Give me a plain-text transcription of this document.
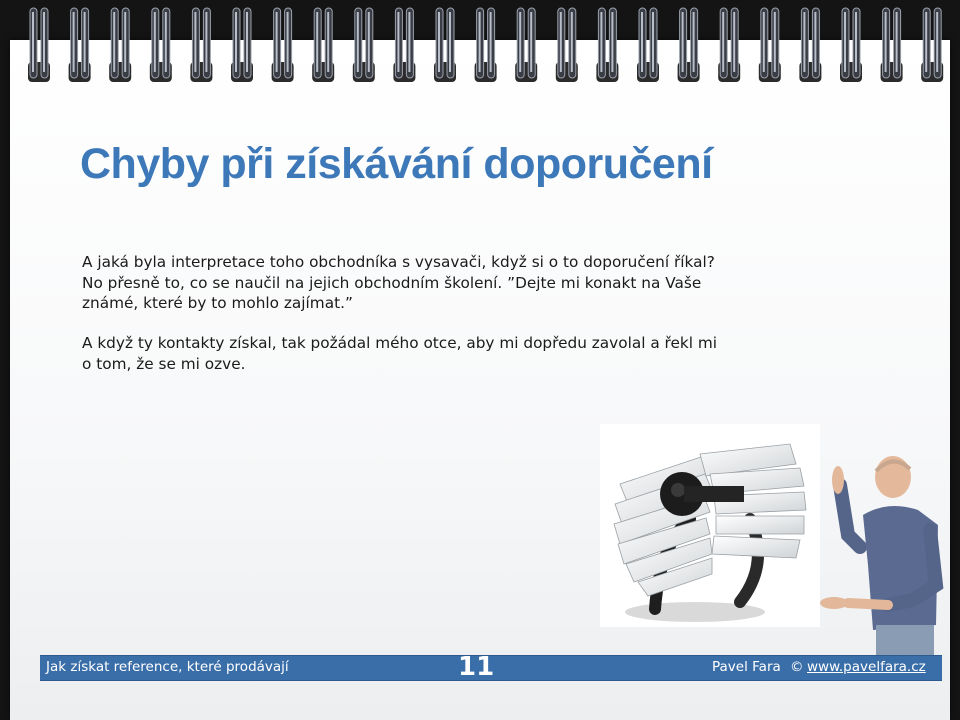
Chyby při získávání doporučení
A jaká byla interpretace toho obchodníka s vysavači, když si o to doporučení říkal?
No přesně to, co se naučil na jejich obchodním školení. ”Dejte mi konakt na Vaše
známé, které by to mohlo zajímat.”
A když ty kontakty získal, tak požádal mého otce, aby mi dopředu zavolal a řekl mi
o tom, že se mi ozve.
Jak získat reference, které prodávají	11	Pavel Fara © www.pavelfara.cz
